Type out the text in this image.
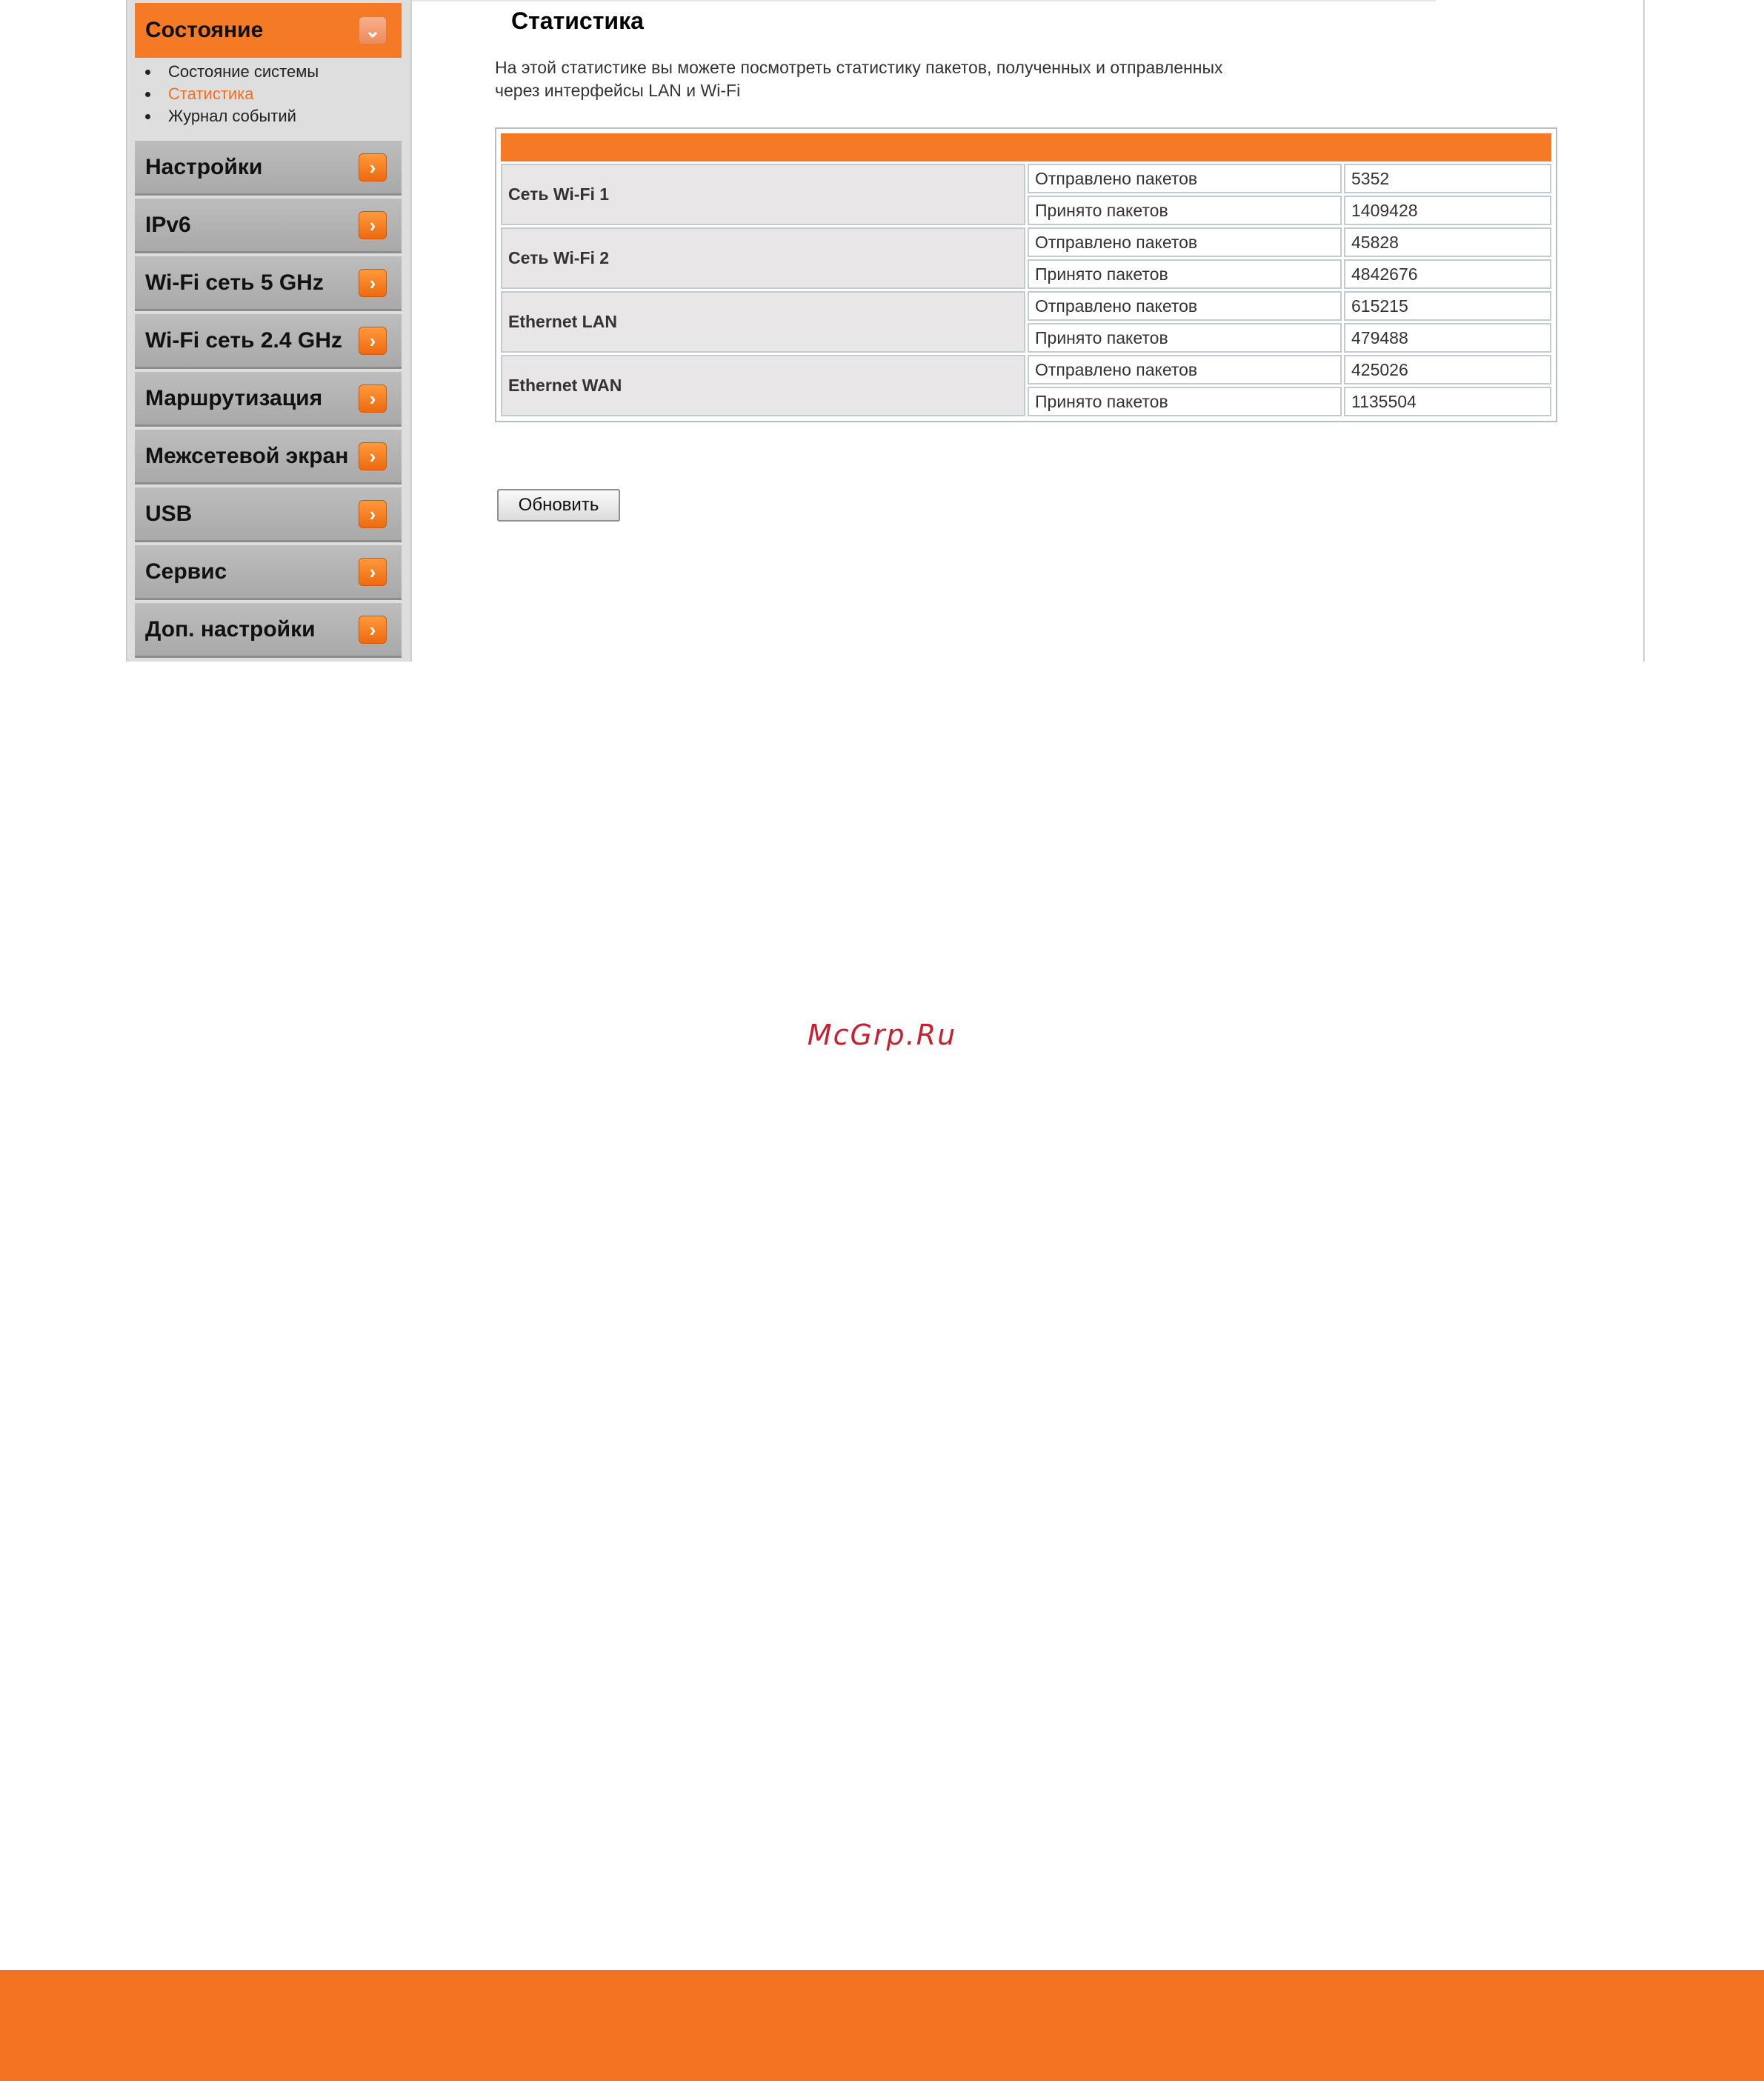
Состояние	⌄
Состояние системы
Статистика
Журнал событий
Настройки	›
IPv6	›
Wi-Fi сеть 5 GHz	›
Wi-Fi сеть 2.4 GHz	›
Маршрутизация	›
Межсетевой экран	›
USB	›
Сервис	›
Доп. настройки	›
Статистика
На этой статистике вы можете посмотреть статистику пакетов, полученных и отправленных
через интерфейсы LAN и Wi-Fi

Сеть Wi-Fi 1	Отправлено пакетов	5352
	Принято пакетов	1409428
Сеть Wi-Fi 2	Отправлено пакетов	45828
	Принято пакетов	4842676
Ethernet LAN	Отправлено пакетов	615215
	Принято пакетов	479488
Ethernet WAN	Отправлено пакетов	425026
	Принято пакетов	1135504
Обновить
McGrp.Ru
